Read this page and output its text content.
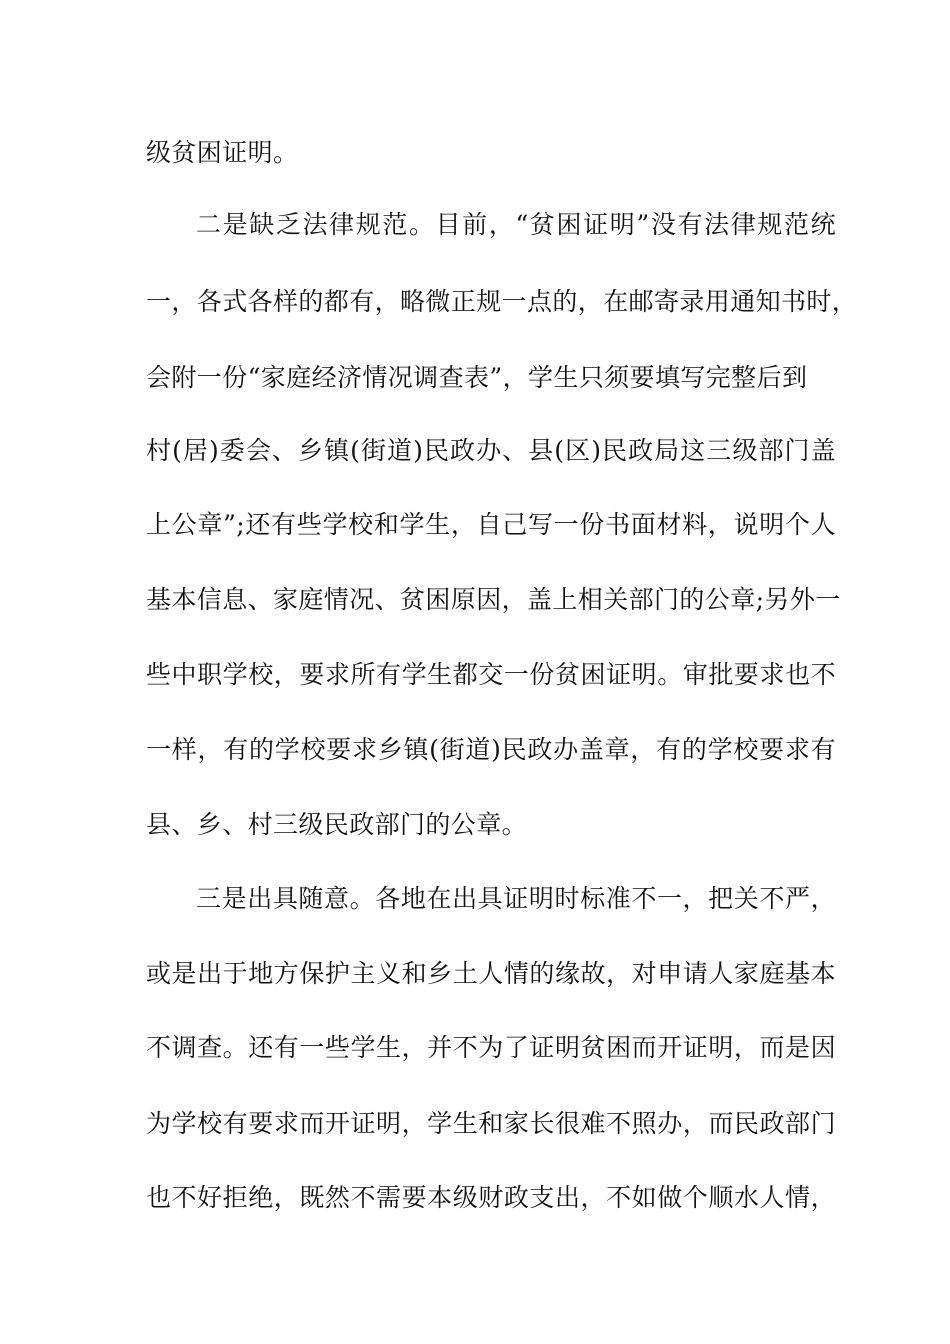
级贫困证明。
二是缺乏法律规范。目前，“贫困证明”没有法律规范统
一，各式各样的都有，略微正规一点的，在邮寄录用通知书时，
会附一份“家庭经济情况调查表”，学生只须要填写完整后到
村(居)委会、乡镇(街道)民政办、县(区)民政局这三级部门盖
上公章”;还有些学校和学生，自己写一份书面材料，说明个人
基本信息、家庭情况、贫困原因，盖上相关部门的公章;另外一
些中职学校，要求所有学生都交一份贫困证明。审批要求也不
一样，有的学校要求乡镇(街道)民政办盖章，有的学校要求有
县、乡、村三级民政部门的公章。
三是出具随意。各地在出具证明时标准不一，把关不严，
或是出于地方保护主义和乡土人情的缘故，对申请人家庭基本
不调查。还有一些学生，并不为了证明贫困而开证明，而是因
为学校有要求而开证明，学生和家长很难不照办，而民政部门
也不好拒绝，既然不需要本级财政支出，不如做个顺水人情，
